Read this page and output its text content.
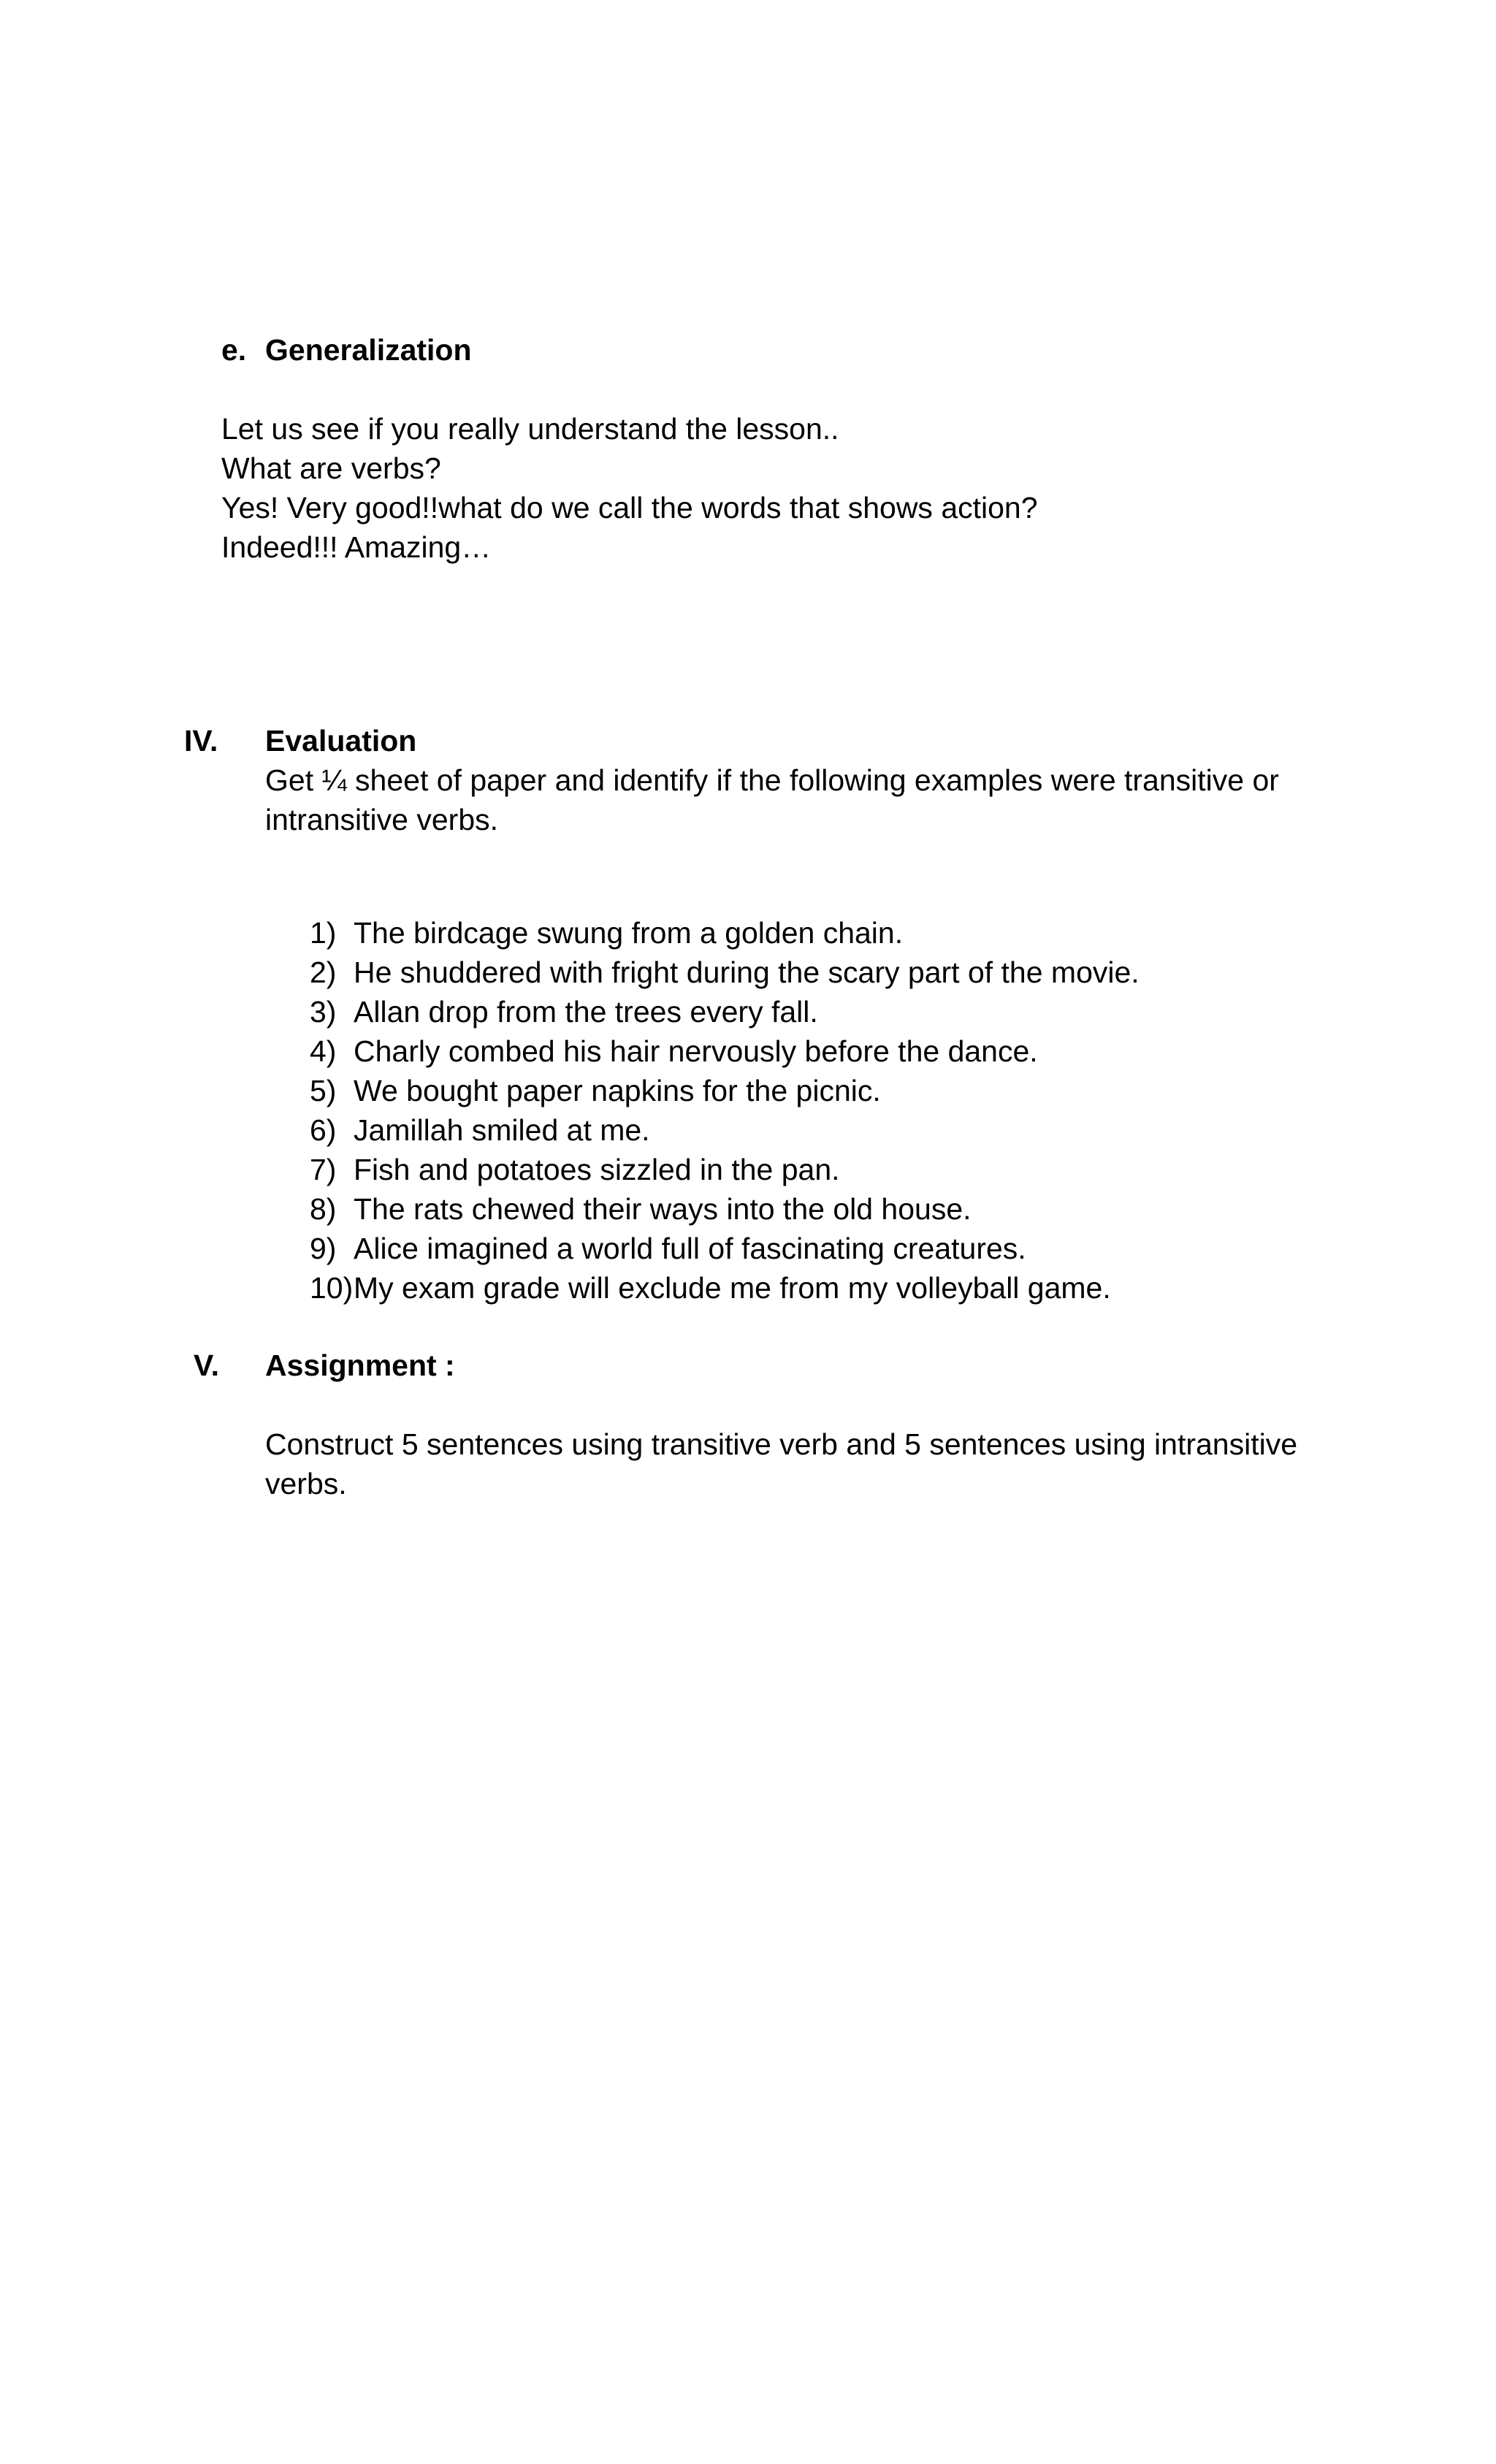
e. Generalization
Let us see if you really understand the lesson..
What are verbs?
Yes! Very good!!what do we call the words that shows action?
Indeed!!! Amazing…
IV. Evaluation
Get ¼ sheet of paper and identify if the following examples were transitive or intransitive verbs.
1) The birdcage swung from a golden chain.
2) He shuddered with fright during the scary part of the movie.
3) Allan drop from the trees every fall.
4) Charly combed his hair nervously before the dance.
5) We bought paper napkins for the picnic.
6) Jamillah smiled at me.
7) Fish and potatoes sizzled in the pan.
8) The rats chewed their ways into the old house.
9) Alice imagined a world full of fascinating creatures.
10) My exam grade will exclude me from my volleyball game.
V. Assignment :
Construct 5 sentences using transitive verb and 5 sentences using intransitive verbs.
